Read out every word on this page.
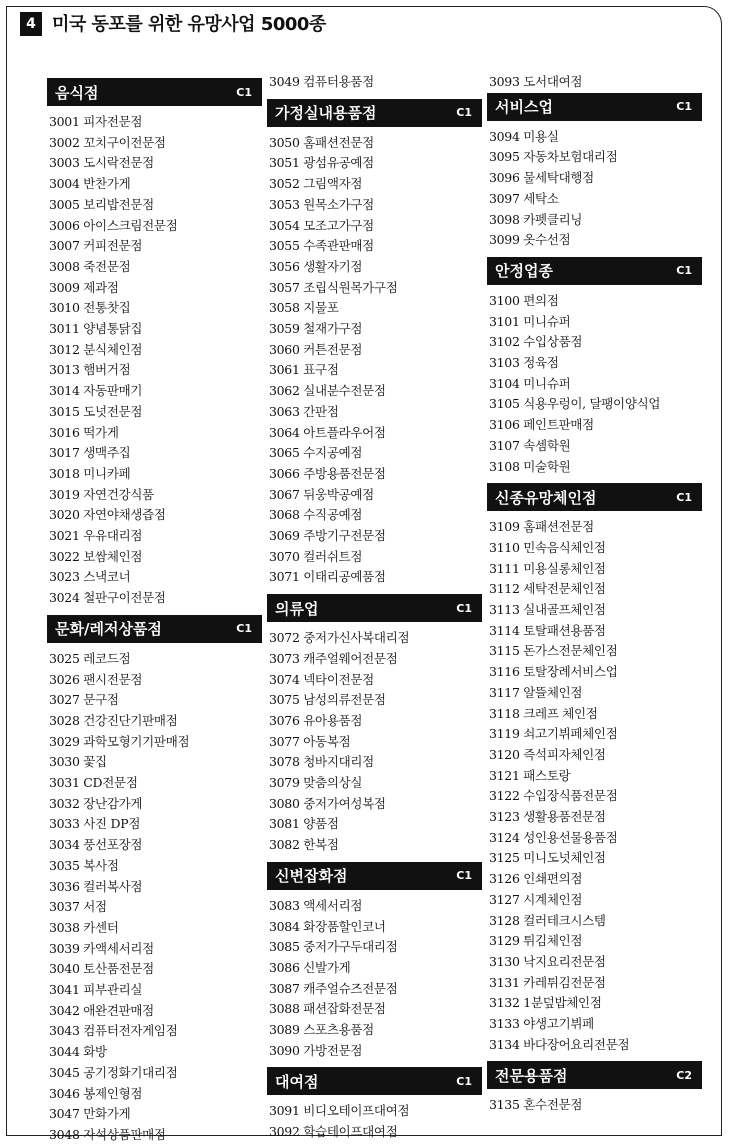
4 미국 동포를 위한 유망사업 5000종
음식점	C1
3001 피자전문점
3002 꼬치구이전문점
3003 도시락전문점
3004 반찬가게
3005 보리밥전문점
3006 아이스크림전문점
3007 커피전문점
3008 죽전문점
3009 제과점
3010 전통찻집
3011 양념통닭집
3012 분식체인점
3013 햄버거점
3014 자동판매기
3015 도넛전문점
3016 떡가게
3017 생맥주집
3018 미니카페
3019 자연건강식품
3020 자연야채생즙점
3021 우유대리점
3022 보쌈체인점
3023 스낵코너
3024 철판구이전문점
문화/레저상품점	C1
3025 레코드점
3026 팬시전문점
3027 문구점
3028 건강진단기판매점
3029 과학모형기기판매점
3030 꽃집
3031 CD전문점
3032 장난감가게
3033 사진 DP점
3034 풍선포장점
3035 복사점
3036 컬러복사점
3037 서점
3038 카센터
3039 카액세서리점
3040 토산품전문점
3041 피부관리실
3042 애완견판매점
3043 컴퓨터전자게임점
3044 화방
3045 공기정화기대리점
3046 봉제인형점
3047 만화가게
3048 자석상품판매점
3049 컴퓨터용품점
가정실내용품점	C1
3050 홈패션전문점
3051 광섬유공예점
3052 그림액자점
3053 원목소가구점
3054 모조고가구점
3055 수족관판매점
3056 생활자기점
3057 조립식원목가구점
3058 지물포
3059 철재가구점
3060 커튼전문점
3061 표구점
3062 실내분수전문점
3063 간판점
3064 아트플라우어점
3065 수지공예점
3066 주방용품전문점
3067 뒤웅박공예점
3068 수직공예점
3069 주방기구전문점
3070 컬러쉬트점
3071 이태리공예품점
의류업	C1
3072 중저가신사복대리점
3073 캐주얼웨어전문점
3074 넥타이전문점
3075 남성의류전문점
3076 유아용품점
3077 아동복점
3078 청바지대리점
3079 맞춤의상실
3080 중저가여성복점
3081 양품점
3082 한복점
신변잡화점	C1
3083 액세서리점
3084 화장품할인코너
3085 중저가구두대리점
3086 신발가게
3087 캐주얼슈즈전문점
3088 패션잡화전문점
3089 스포츠용품점
3090 가방전문점
대여점	C1
3091 비디오테이프대여점
3092 학습테이프대여점
3093 도서대여점
서비스업	C1
3094 미용실
3095 자동차보험대리점
3096 물세탁대행점
3097 세탁소
3098 카펫클리닝
3099 옷수선점
안정업종	C1
3100 편의점
3101 미니슈퍼
3102 수입상품점
3103 정육점
3104 미니슈퍼
3105 식용우렁이, 달팽이양식업
3106 페인트판매점
3107 속셈학원
3108 미술학원
신종유망체인점	C1
3109 홈패션전문점
3110 민속음식체인점
3111 미용실롱체인점
3112 세탁전문체인점
3113 실내골프체인점
3114 토탈패션용품점
3115 돈가스전문체인점
3116 토탈장례서비스업
3117 알뜰체인점
3118 크레프 체인점
3119 쇠고기뷔페체인점
3120 즉석피자체인점
3121 패스토랑
3122 수입장식품전문점
3123 생활용품전문점
3124 성인용선물용품점
3125 미니도넛체인점
3126 인쇄편의점
3127 시계체인점
3128 컬러테크시스템
3129 튀김체인점
3130 낙지요리전문점
3131 카레튀김전문점
3132 1분덮밥체인점
3133 야생고기뷔페
3134 바다장어요리전문점
전문용품점	C2
3135 혼수전문점
